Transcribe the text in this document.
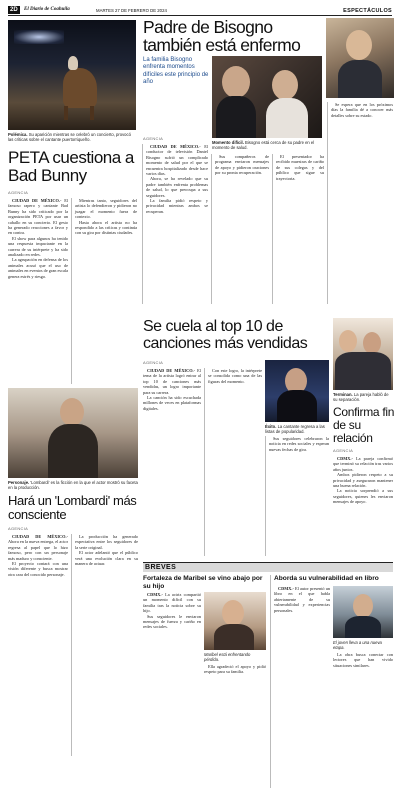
2D	El Diario de Coahuila	MARTES 27 DE FEBRERO DE 2024	ESPECTÁCULOS
Polémica. Su aparición mientras se celebró un concierto, provocó las críticas sobre el cantante puertorriqueño.
PETA cuestiona a Bad Bunny
AGENCIA

CIUDAD DE MÉXICO.- El famoso rapero y cantante Bad Bunny ha sido criticado por la organización PETA por usar un caballo en su concierto. El gesto ha generado reacciones a favor y en contra.

El show para algunos ha tenido una respuesta impactante en la carrera de su intérprete y ha sido analizado en redes.

La agrupación en defensa de los animales acusó que el uso de animales en eventos de gran escala genera estrés y riesgo.

Mientras tanto, seguidores del artista lo defendieron y pidieron no juzgar el momento fuera de contexto.

Hasta ahora el artista no ha respondido a las críticas y continúa con su gira por distintas ciudades.

Padre de Bisogno también está enfermo
La familia Bisogno enfrenta momentos difíciles este principio de año
Momento difícil. Bisogno está cerca de su padre en el momento de salud.
AGENCIA

CIUDAD DE MÉXICO.- El conductor de televisión Daniel Bisogno sufrió un complicado momento de salud por el que se encuentra hospitalizado desde hace varios días.

Ahora, se ha revelado que su padre también enfrenta problemas de salud, lo que preocupa a sus seguidores.

La familia pidió respeto y privacidad mientras ambos se recuperan.

Sus compañeros de programa enviaron mensajes de apoyo y pidieron oraciones por su pronta recuperación.

El presentador ha recibido muestras de cariño de sus colegas y del público que sigue su trayectoria.

Se espera que en los próximos días la familia dé a conocer más detalles sobre su estado.

Personaje. 'Lombardi' es la ficción en la que el actor mostró su faceta en la producción.
Hará un 'Lombardi' más consciente
AGENCIA

CIUDAD DE MÉXICO.- Ahora en la nueva entrega, el actor regresa al papel que lo hizo famoso, pero con un personaje más maduro y consciente.

El proyecto contará con una visión diferente y busca mostrar otra cara del conocido personaje.

La producción ha generado expectativa entre los seguidores de la serie original.

El actor adelantó que el público verá una evolución clara en su manera de actuar.

Se cuela al top 10 de canciones más vendidas
AGENCIA

CIUDAD DE MÉXICO.- El tema de la artista logró entrar al top 10 de canciones más vendidas, un logro importante para su carrera.

La canción ha sido escuchada millones de veces en plataformas digitales.

Con este logro, la intérprete se consolida como una de las figuras del momento.

Éxito. La cantante regresa a las listas de popularidad.

Sus seguidores celebraron la noticia en redes sociales y esperan nuevas fechas de gira.

Terminan. La pareja habló de su separación.
Confirma fin de su relación
AGENCIA

CDMX.- La pareja confirmó que terminó su relación tras varios años juntos.

Ambos pidieron respeto a su privacidad y aseguraron mantener una buena relación.

La noticia sorprendió a sus seguidores, quienes les enviaron mensajes de apoyo.

BREVES
Fortaleza de Maribel se vino abajo por su hijo

CDMX.- La actriz compartió un momento difícil con su familia tras la noticia sobre su hijo.

Sus seguidores le enviaron mensajes de fuerza y cariño en redes sociales.

Maribel está enfrentando pérdida.

Ella agradeció el apoyo y pidió respeto para su familia.

Aborda su vulnerabilidad en libro

CDMX.- El autor presentó un libro en el que habla abiertamente de su vulnerabilidad y experiencias personales.

El joven lleva a una nueva etapa.

La obra busca conectar con lectores que han vivido situaciones similares.
